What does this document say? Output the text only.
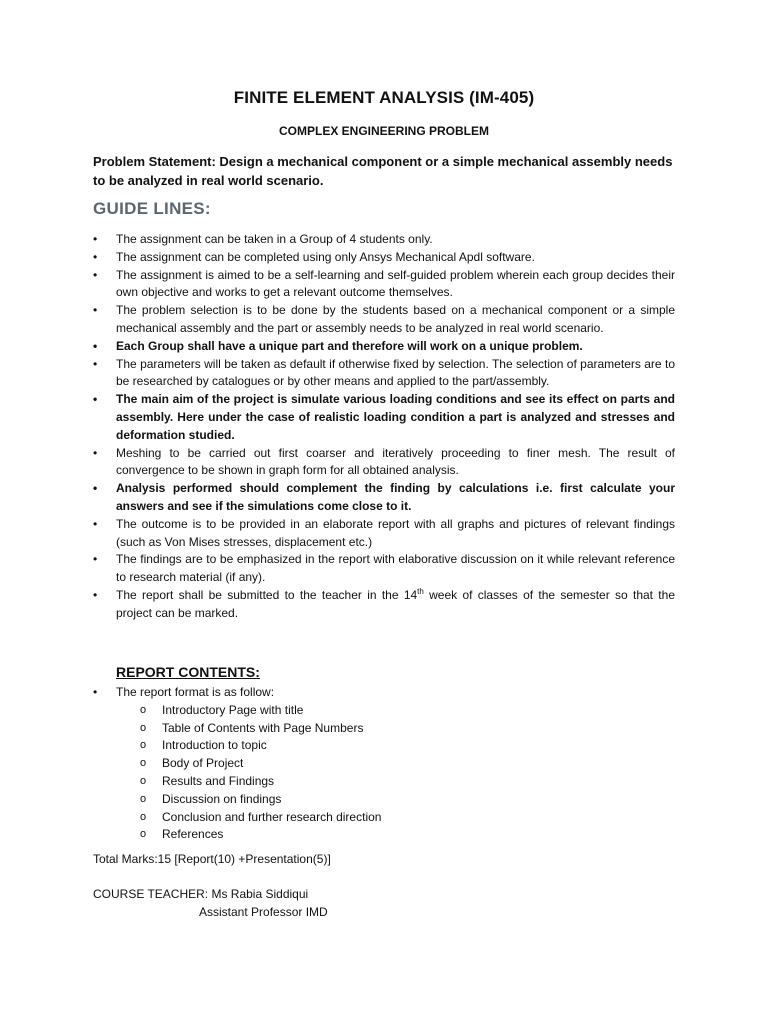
FINITE ELEMENT ANALYSIS (IM-405)
COMPLEX ENGINEERING PROBLEM
Problem Statement: Design a mechanical component or a simple mechanical assembly needs to be analyzed in real world scenario.
GUIDE LINES:
• The assignment can be taken in a Group of 4 students only.
• The assignment can be completed using only Ansys Mechanical Apdl software.
• The assignment is aimed to be a self-learning and self-guided problem wherein each group decides their own objective and works to get a relevant outcome themselves.
• The problem selection is to be done by the students based on a mechanical component or a simple mechanical assembly and the part or assembly needs to be analyzed in real world scenario.
• Each Group shall have a unique part and therefore will work on a unique problem.
• The parameters will be taken as default if otherwise fixed by selection. The selection of parameters are to be researched by catalogues or by other means and applied to the part/assembly.
• The main aim of the project is simulate various loading conditions and see its effect on parts and assembly. Here under the case of realistic loading condition a part is analyzed and stresses and deformation studied.
• Meshing to be carried out first coarser and iteratively proceeding to finer mesh. The result of convergence to be shown in graph form for all obtained analysis.
• Analysis performed should complement the finding by calculations i.e. first calculate your answers and see if the simulations come close to it.
• The outcome is to be provided in an elaborate report with all graphs and pictures of relevant findings (such as Von Mises stresses, displacement etc.)
• The findings are to be emphasized in the report with elaborative discussion on it while relevant reference to research material (if any).
• The report shall be submitted to the teacher in the 14th week of classes of the semester so that the project can be marked.
REPORT CONTENTS:
• The report format is as follow:
o Introductory Page with title
o Table of Contents with Page Numbers
o Introduction to topic
o Body of Project
o Results and Findings
o Discussion on findings
o Conclusion and further research direction
o References
Total Marks:15 [Report(10) +Presentation(5)]
COURSE TEACHER: Ms Rabia Siddiqui
Assistant Professor IMD
